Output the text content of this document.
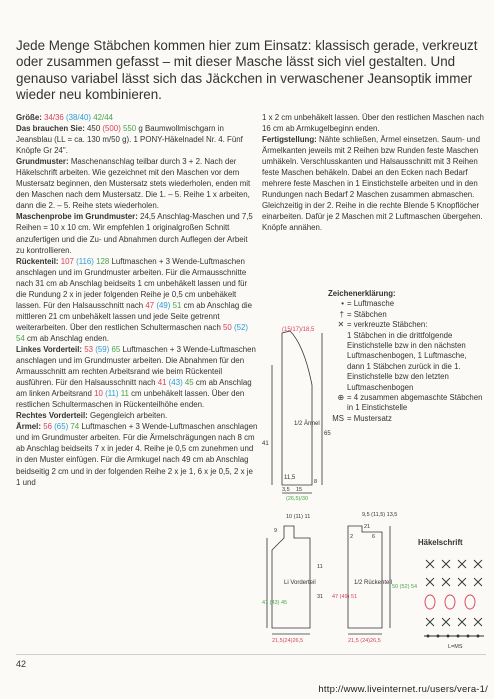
Jede Menge Stäbchen kommen hier zum Einsatz: klassisch gerade, verkreuzt oder zusammen gefasst – mit dieser Masche lässt sich viel gestalten. Und genauso variabel lässt sich das Jäckchen in verwaschener Jeansoptik immer wieder neu kombinieren.

Größe: 34/36 (38/40) 42/44

Das brauchen Sie: 450 (500) 550 g Baumwollmischgarn in Jeansblau (LL = ca. 130 m/50 g). 1 PONY-Häkelnadel Nr. 4. Fünf Knöpfe Gr 24".

Grundmuster: Maschenanschlag teilbar durch 3 + 2. Nach der Häkelschrift arbeiten. Wie gezeichnet mit den Maschen vor dem Mustersatz beginnen, den Mustersatz stets wiederholen, enden mit den Maschen nach dem Mustersatz. Die 1. – 5. Reihe 1 x arbeiten, dann die 2. – 5. Reihe stets wiederholen.

Maschenprobe im Grundmuster: 24,5 Anschlag-Maschen und 7,5 Reihen = 10 x 10 cm. Wir empfehlen 1 originalgroßen Schnitt anzufertigen und die Zu- und Abnahmen durch Auflegen der Arbeit zu kontrollieren.

Rückenteil: 107 (116) 128 Luftmaschen + 3 Wende-Luftmaschen anschlagen und im Grundmuster arbeiten. Für die Armausschnitte nach 31 cm ab Anschlag beidseits 1 cm unbehäkelt lassen und für die Rundung 2 x in jeder folgenden Reihe je 0,5 cm unbehäkelt lassen. Für den Halsausschnitt nach 47 (49) 51 cm ab Anschlag die mittleren 21 cm unbehäkelt lassen und jede Seite getrennt weiterarbeiten. Über den restlichen Schultermaschen nach 50 (52) 54 cm ab Anschlag enden.

Linkes Vorderteil: 53 (59) 65 Luftmaschen + 3 Wende-Luftmaschen anschlagen und im Grundmuster arbeiten. Die Abnahmen für den Armausschnitt am rechten Arbeitsrand wie beim Rückenteil ausführen. Für den Halsausschnitt nach 41 (43) 45 cm ab Anschlag am linken Arbeitsrand 10 (11) 11 cm unbehäkelt lassen. Über den restlichen Schultermaschen in Rückenteilhöhe enden.

Rechtes Vorderteil: Gegengleich arbeiten.

Ärmel: 56 (65) 74 Luftmaschen + 3 Wende-Luftmaschen anschlagen und im Grundmuster arbeiten. Für die Ärmelschrägungen nach 8 cm ab Anschlag beidseits 7 x in jeder 4. Reihe je 0,5 cm zunehmen und in den Muster einfügen. Für die Armkugel nach 49 cm ab Anschlag beidseitig 2 cm und in der folgenden Reihe 2 x je 1, 6 x je 0,5, 2 x je 1 und

1 x 2 cm unbehäkelt lassen. Über den restlichen Maschen nach 16 cm ab Armkugelbeginn enden.

Fertigstellung: Nähte schließen, Ärmel einsetzen. Saum- und Ärmelkanten jeweils mit 2 Reihen bzw Runden feste Maschen umhäkeln. Verschlusskanten und Halsausschnitt mit 3 Reihen feste Maschen behäkeln. Dabei an den Ecken nach Bedarf mehrere feste Maschen in 1 Einstichstelle arbeiten und in den Rundungen nach Bedarf 2 Maschen zusammen abmaschen. Gleichzeitig in der 2. Reihe in die rechte Blende 5 Knopflöcher einarbeiten. Dafür je 2 Maschen mit 2 Luftmaschen übergehen. Knöpfe annähen.

Zeichenerklärung:
• = Luftmasche
† = Stäbchen
✕ = verkreuzte Stäbchen:
1 Stäbchen in die drittfolgende Einstichstelle bzw in den nächsten Luftmaschenbogen, 1 Luftmasche, dann 1 Stäbchen zurück in die 1. Einstichstelle bzw den letzten Luftmaschenbogen
⊕ = 4 zusammen abgemaschte Stäbchen in 1 Einstichstelle
MS = Mustersatz
(15/17)/18,5
1/2 Ärmel
41
65
11,5
3,5 15
8
(26,5)/30
10 (11) 11
Li Vorderteil
41 (43) 45
11
31
9
21,5(24)26,5
9,5 (11,5) 13,5
21
1/2 Rückenteil
47 (49) 51
50 (52) 54
2	6
21,5 (24)26,5
Häkelschrift
L=MS
42
http://www.liveinternet.ru/users/vera-1/
